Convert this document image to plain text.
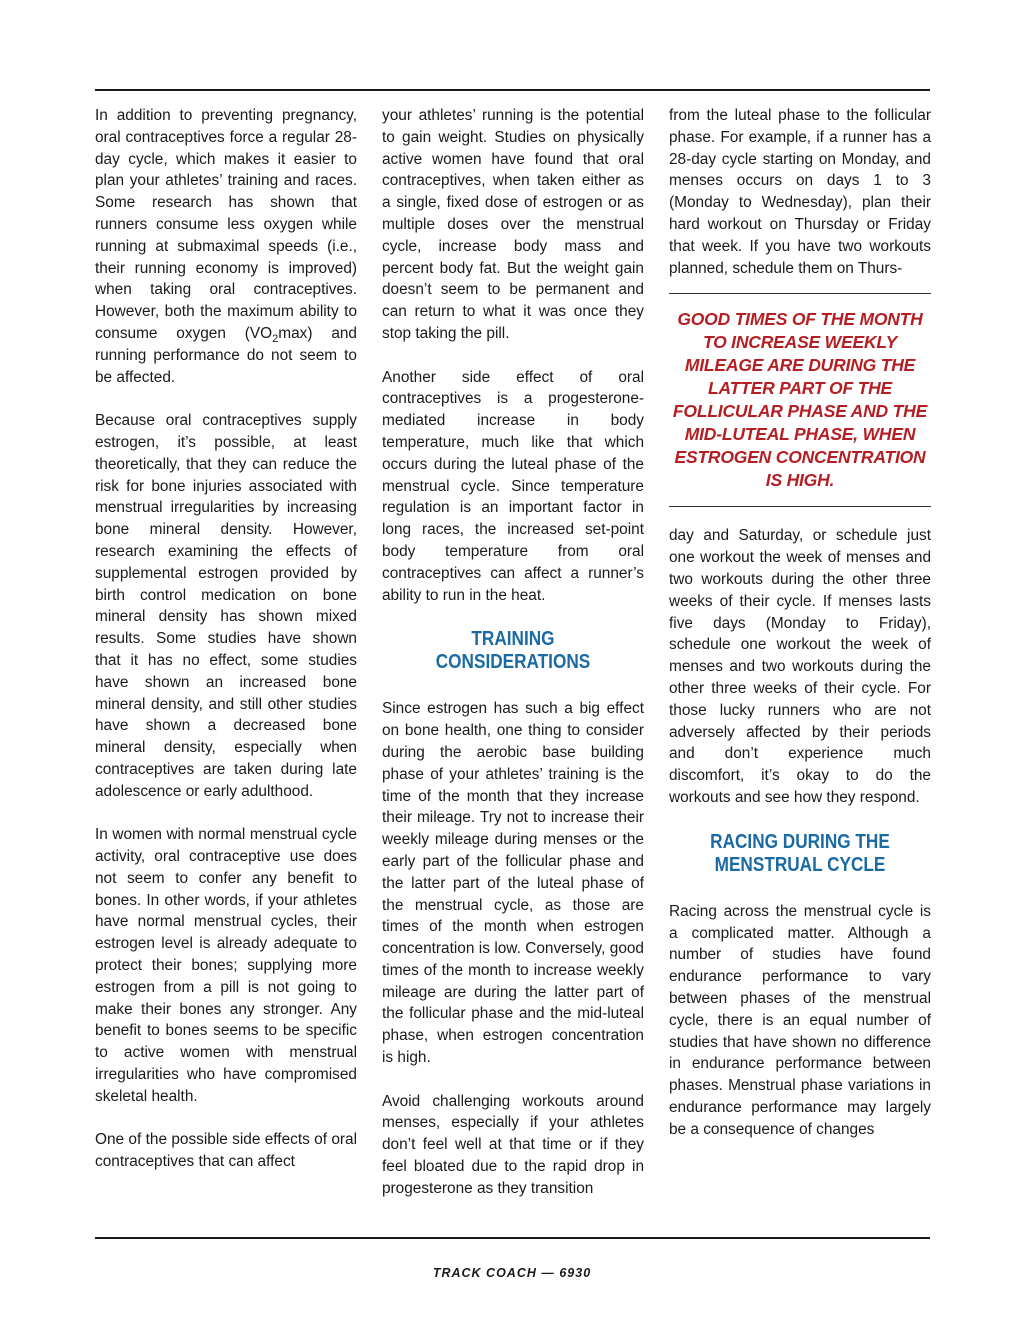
In addition to preventing pregnancy, oral contraceptives force a regular 28-day cycle, which makes it easier to plan your athletes’ training and races. Some research has shown that runners consume less oxygen while running at submaximal speeds (i.e., their running economy is improved) when taking oral contraceptives. However, both the maximum ability to consume oxygen $(VO_2\max)$ and running performance do not seem to be affected.

Because oral contraceptives supply estrogen, it’s possible, at least theoretically, that they can reduce the risk for bone injuries associated with menstrual irregularities by increasing bone mineral density. However, research examining the effects of supplemental estrogen provided by birth control medication on bone mineral density has shown mixed results. Some studies have shown that it has no effect, some studies have shown an increased bone mineral density, and still other studies have shown a decreased bone mineral density, especially when contraceptives are taken during late adolescence or early adulthood.

In women with normal menstrual cycle activity, oral contraceptive use does not seem to confer any benefit to bones. In other words, if your athletes have normal menstrual cycles, their estrogen level is already adequate to protect their bones; supplying more estrogen from a pill is not going to make their bones any stronger. Any benefit to bones seems to be specific to active women with menstrual irregularities who have compromised skeletal health.

One of the possible side effects of oral contraceptives that can affect

your athletes’ running is the potential to gain weight. Studies on physically active women have found that oral contraceptives, when taken either as a single, fixed dose of estrogen or as multiple doses over the menstrual cycle, increase body mass and percent body fat. But the weight gain doesn’t seem to be permanent and can return to what it was once they stop taking the pill.

Another side effect of oral contraceptives is a progesterone-mediated increase in body temperature, much like that which occurs during the luteal phase of the menstrual cycle. Since temperature regulation is an important factor in long races, the increased set-point body temperature from oral contraceptives can affect a runner’s ability to run in the heat.

TRAINING
CONSIDERATIONS

Since estrogen has such a big effect on bone health, one thing to consider during the aerobic base building phase of your athletes’ training is the time of the month that they increase their mileage. Try not to increase their weekly mileage during menses or the early part of the follicular phase and the latter part of the luteal phase of the menstrual cycle, as those are times of the month when estrogen concentration is low. Conversely, good times of the month to increase weekly mileage are during the latter part of the follicular phase and the mid-luteal phase, when estrogen concentration is high.

Avoid challenging workouts around menses, especially if your athletes don’t feel well at that time or if they feel bloated due to the rapid drop in progesterone as they transition

from the luteal phase to the follicular phase. For example, if a runner has a 28-day cycle starting on Monday, and menses occurs on days 1 to 3 (Monday to Wednesday), plan their hard workout on Thursday or Friday that week. If you have two workouts planned, schedule them on Thurs-

GOOD TIMES OF THE MONTH TO INCREASE WEEKLY MILEAGE ARE DURING THE LATTER PART OF THE FOLLICULAR PHASE AND THE MID-LUTEAL PHASE, WHEN ESTROGEN CONCENTRATION IS HIGH.

day and Saturday, or schedule just one workout the week of menses and two workouts during the other three weeks of their cycle. If menses lasts five days (Monday to Friday), schedule one workout the week of menses and two workouts during the other three weeks of their cycle. For those lucky runners who are not adversely affected by their periods and don’t experience much discomfort, it’s okay to do the workouts and see how they respond.

RACING DURING THE
MENSTRUAL CYCLE

Racing across the menstrual cycle is a complicated matter. Although a number of studies have found endurance performance to vary between phases of the menstrual cycle, there is an equal number of studies that have shown no difference in endurance performance between phases. Menstrual phase variations in endurance performance may largely be a consequence of changes

TRACK COACH — 6930
